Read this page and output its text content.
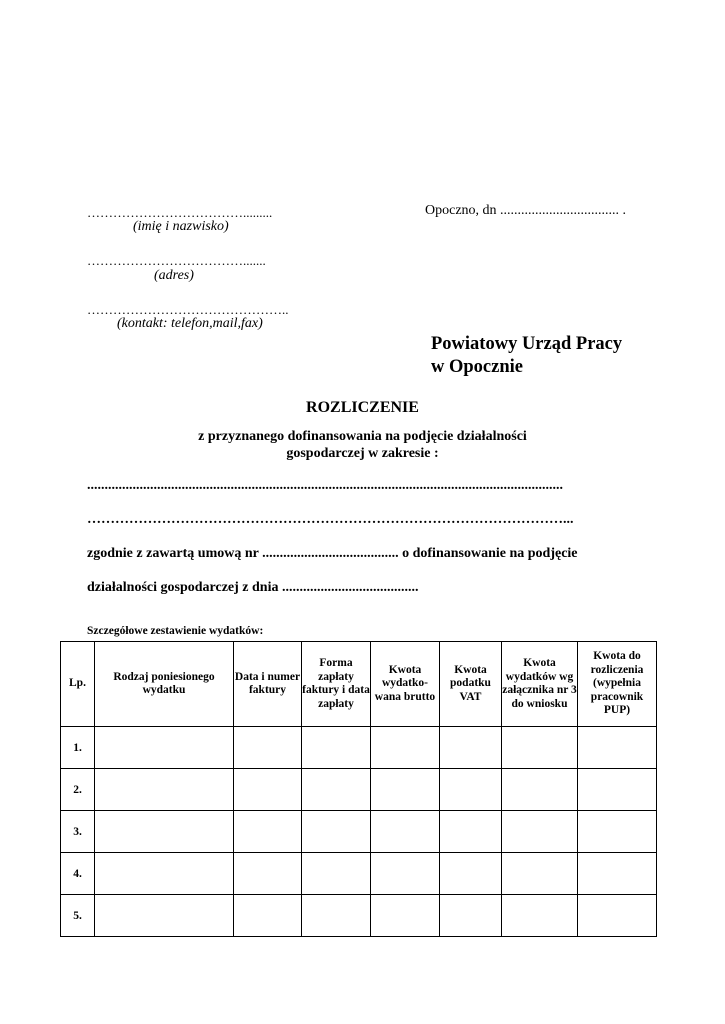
……………………………….........
(imię i nazwisko)
……………………………….......
(adres)
………………………………………..
(kontakt: telefon,mail,fax)
Opoczno, dn .................................. .
Powiatowy Urząd Pracy
w Opocznie
ROZLICZENIE
z przyznanego dofinansowania na podjęcie działalności
gospodarczej w zakresie :
........................................................................................................................................
…………………………………………………………………………………………...
zgodnie z zawartą umową nr ....................................... o dofinansowanie na podjęcie
działalności gospodarczej z dnia .......................................
Szczegółowe zestawienie wydatków:
Lp.	Rodzaj poniesionego wydatku	Data i numer faktury	Forma zapłaty faktury i data zapłaty	Kwota wydatko-wana brutto	Kwota podatku VAT	Kwota wydatków wg załącznika nr 3 do wniosku	Kwota do rozliczenia (wypełnia pracownik PUP)
1.							
2.							
3.							
4.							
5.							
